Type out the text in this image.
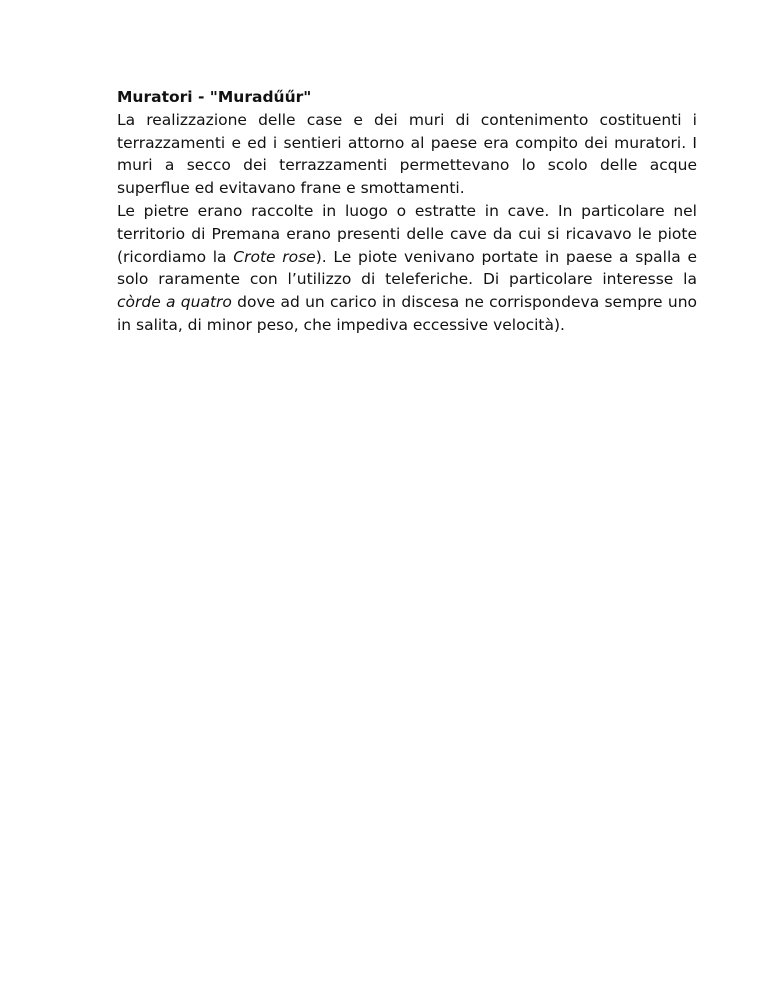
Muratori - "Muradűűr"

La realizzazione delle case e dei muri di contenimento costituenti i terrazzamenti e ed i sentieri attorno al paese era compito dei muratori. I muri a secco dei terrazzamenti permettevano lo scolo delle acque superflue ed evitavano frane e smottamenti.

Le pietre erano raccolte in luogo o estratte in cave. In particolare nel territorio di Premana erano presenti delle cave da cui si ricavavo le piote (ricordiamo la Crote rose). Le piote venivano portate in paese a spalla e solo raramente con l’utilizzo di teleferiche. Di particolare interesse la còrde a quatro dove ad un carico in discesa ne corrispondeva sempre uno in salita, di minor peso, che impediva eccessive velocità).
